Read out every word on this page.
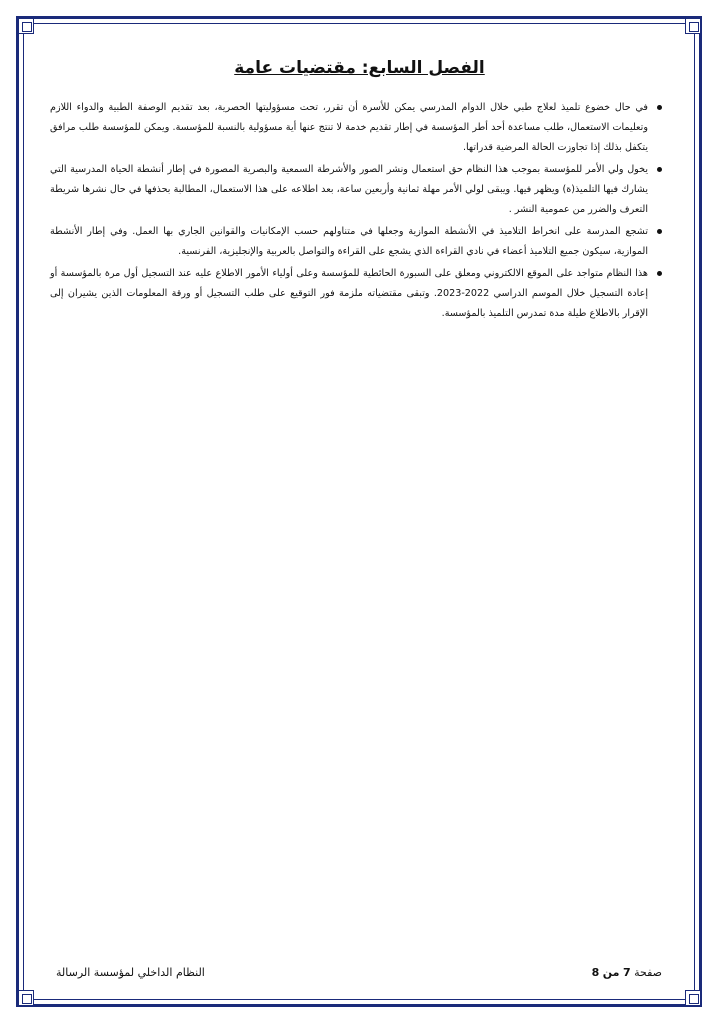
الفصل السابع: مقتضيات عامة
في حال خضوع تلميذ لعلاج طبي خلال الدوام المدرسي يمكن للأسرة أن تقرر، تحت مسؤوليتها الحصرية، بعد تقديم الوصفة الطبية والدواء اللازم وتعليمات الاستعمال، طلب مساعدة أحد أطر المؤسسة في إطار تقديم خدمة لا تنتج عنها أية مسؤولية بالنسبة للمؤسسة. ويمكن للمؤسسة طلب مرافق يتكفل بذلك إذا تجاوزت الحالة المرضية قدراتها.
يخول ولي الأمر للمؤسسة بموجب هذا النظام حق استعمال ونشر الصور والأشرطة السمعية والبصرية المصورة في إطار أنشطة الحياة المدرسية التي يشارك فيها التلميذ(ة) ويظهر فيها. ويبقى لولي الأمر مهلة ثمانية وأربعين ساعة، بعد اطلاعه على هذا الاستعمال، المطالبة بحذفها في حال نشرها شريطة التعرف والضرر من عمومية النشر .
تشجع المدرسة على انخراط التلاميذ في الأنشطة الموازية وجعلها في متناولهم حسب الإمكانيات والقوانين الجاري بها العمل. وفي إطار الأنشطة الموازية، سيكون جميع التلاميذ أعضاء في نادي القراءة الذي يشجع على القراءة والتواصل بالعربية والإنجليزية، الفرنسية.
هذا النظام متواجد على الموقع الالكتروني ومعلق على السبورة الحائطية للمؤسسة وعلى أولياء الأمور الاطلاع عليه عند التسجيل أول مرة بالمؤسسة أو إعادة التسجيل خلال الموسم الدراسي 2022-2023. وتبقى مقتضياته ملزمة فور التوقيع على طلب التسجيل أو ورقة المعلومات الذين يشيران إلى الإقرار بالاطلاع طيلة مدة تمدرس التلميذ بالمؤسسة.
صفحة 7 من 8
النظام الداخلي لمؤسسة الرسالة
